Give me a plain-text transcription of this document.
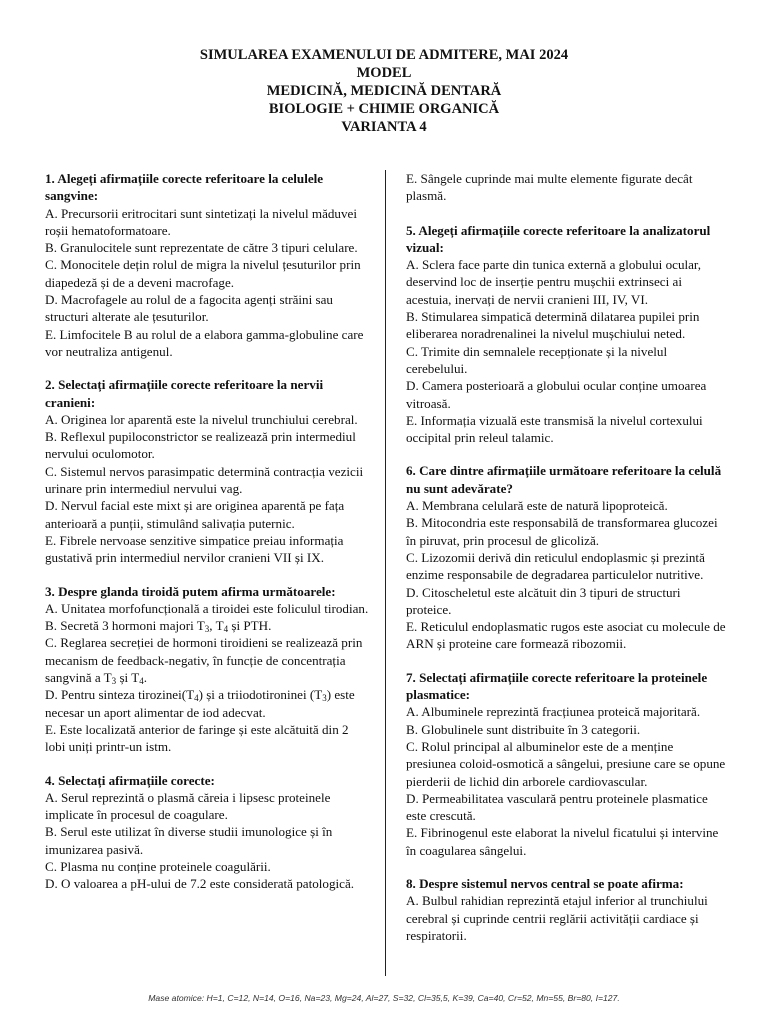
SIMULAREA EXAMENULUI DE ADMITERE, MAI 2024
MODEL
MEDICINĂ, MEDICINĂ DENTARĂ
BIOLOGIE + CHIMIE ORGANICĂ
VARIANTA 4

1. Alegeți afirmațiile corecte referitoare la celulele sangvine:

A. Precursorii eritrocitari sunt sintetizați la nivelul măduvei roșii hematoformatoare.

B. Granulocitele sunt reprezentate de către 3 tipuri celulare.

C. Monocitele dețin rolul de migra la nivelul țesuturilor prin diapedeză și de a deveni macrofage.

D. Macrofagele au rolul de a fagocita agenți străini sau structuri alterate ale țesuturilor.

E. Limfocitele B au rolul de a elabora gamma-globuline care vor neutraliza antigenul.

2. Selectați afirmațiile corecte referitoare la nervii cranieni:

A. Originea lor aparentă este la nivelul trunchiului cerebral.

B. Reflexul pupiloconstrictor se realizează prin intermediul nervului oculomotor.

C. Sistemul nervos parasimpatic determină contracția vezicii urinare prin intermediul nervului vag.

D. Nervul facial este mixt și are originea aparentă pe fața anterioară a punții, stimulând salivația puternic.

E. Fibrele nervoase senzitive simpatice preiau informația gustativă prin intermediul nervilor cranieni VII și IX.

3. Despre glanda tiroidă putem afirma următoarele:

A. Unitatea morfofuncțională a tiroidei este foliculul tirodian.

B. Secretă 3 hormoni majori $T_3$, $T_4$ și PTH.

C. Reglarea secreției de hormoni tiroidieni se realizează prin mecanism de feedback-negativ, în funcție de concentrația sangvină a $T_3$ și $T_4$.

D. Pentru sinteza $tirozinei(T_4)$ și a triiodotironinei $(T_3)$ este necesar un aport alimentar de iod adecvat.

E. Este localizată anterior de faringe și este alcătuită din 2 lobi uniți printr-un istm.

4. Selectați afirmațiile corecte:

A. Serul reprezintă o plasmă căreia i lipsesc proteinele implicate în procesul de coagulare.

B. Serul este utilizat în diverse studii imunologice și în imunizarea pasivă.

C. Plasma nu conține proteinele coagulării.

D. O valoarea a pH-ului de 7.2 este considerată patologică.

E. Sângele cuprinde mai multe elemente figurate decât plasmă.

5. Alegeți afirmațiile corecte referitoare la analizatorul vizual:

A. Sclera face parte din tunica externă a globului ocular, deservind loc de inserție pentru mușchii extrinseci ai acestuia, inervați de nervii cranieni III, IV, VI.

B. Stimularea simpatică determină dilatarea pupilei prin eliberarea noradrenalinei la nivelul mușchiului neted.

C. Trimite din semnalele recepționate și la nivelul cerebelului.

D. Camera posterioară a globului ocular conține umoarea vitroasă.

E. Informația vizuală este transmisă la nivelul cortexului occipital prin releul talamic.

6. Care dintre afirmațiile următoare referitoare la celulă nu sunt adevărate?

A. Membrana celulară este de natură lipoproteică.

B. Mitocondria este responsabilă de transformarea glucozei în piruvat, prin procesul de glicoliză.

C. Lizozomii derivă din reticulul endoplasmic și prezintă enzime responsabile de degradarea particulelor nutritive.

D. Citoscheletul este alcătuit din 3 tipuri de structuri proteice.

E. Reticulul endoplasmatic rugos este asociat cu molecule de ARN și proteine care formează ribozomii.

7. Selectați afirmațiile corecte referitoare la proteinele plasmatice:

A. Albuminele reprezintă fracțiunea proteică majoritară.

B. Globulinele sunt distribuite în 3 categorii.

C. Rolul principal al albuminelor este de a menține presiunea coloid-osmotică a sângelui, presiune care se opune pierderii de lichid din arborele cardiovascular.

D. Permeabilitatea vasculară pentru proteinele plasmatice este crescută.

E. Fibrinogenul este elaborat la nivelul ficatului și intervine în coagularea sângelui.

8. Despre sistemul nervos central se poate afirma:

A. Bulbul rahidian reprezintă etajul inferior al trunchiului cerebral și cuprinde centrii reglării activității cardiace și respiratorii.

Mase atomice: H=1, C=12, N=14, O=16, Na=23, Mg=24, Al=27, S=32, Cl=35,5, K=39, Ca=40, Cr=52, Mn=55, Br=80, I=127.
